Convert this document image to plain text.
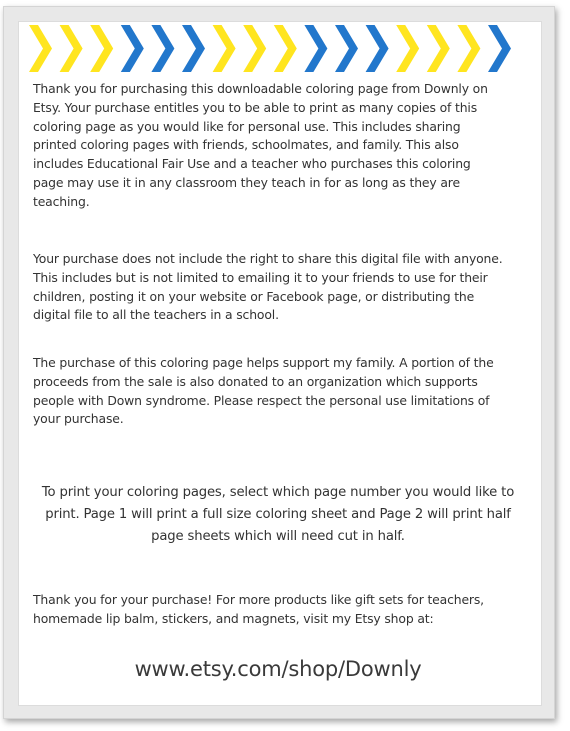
Thank you for purchasing this downloadable coloring page from Downly on Etsy. Your purchase entitles you to be able to print as many copies of this coloring page as you would like for personal use. This includes sharing printed coloring pages with friends, schoolmates, and family. This also includes Educational Fair Use and a teacher who purchases this coloring page may use it in any classroom they teach in for as long as they are teaching.
Your purchase does not include the right to share this digital file with anyone. This includes but is not limited to emailing it to your friends to use for their children, posting it on your website or Facebook page, or distributing the digital file to all the teachers in a school.
The purchase of this coloring page helps support my family. A portion of the proceeds from the sale is also donated to an organization which supports people with Down syndrome. Please respect the personal use limitations of your purchase.
To print your coloring pages, select which page number you would like to print. Page 1 will print a full size coloring sheet and Page 2 will print half page sheets which will need cut in half.
Thank you for your purchase! For more products like gift sets for teachers, homemade lip balm, stickers, and magnets, visit my Etsy shop at:
www.etsy.com/shop/Downly
